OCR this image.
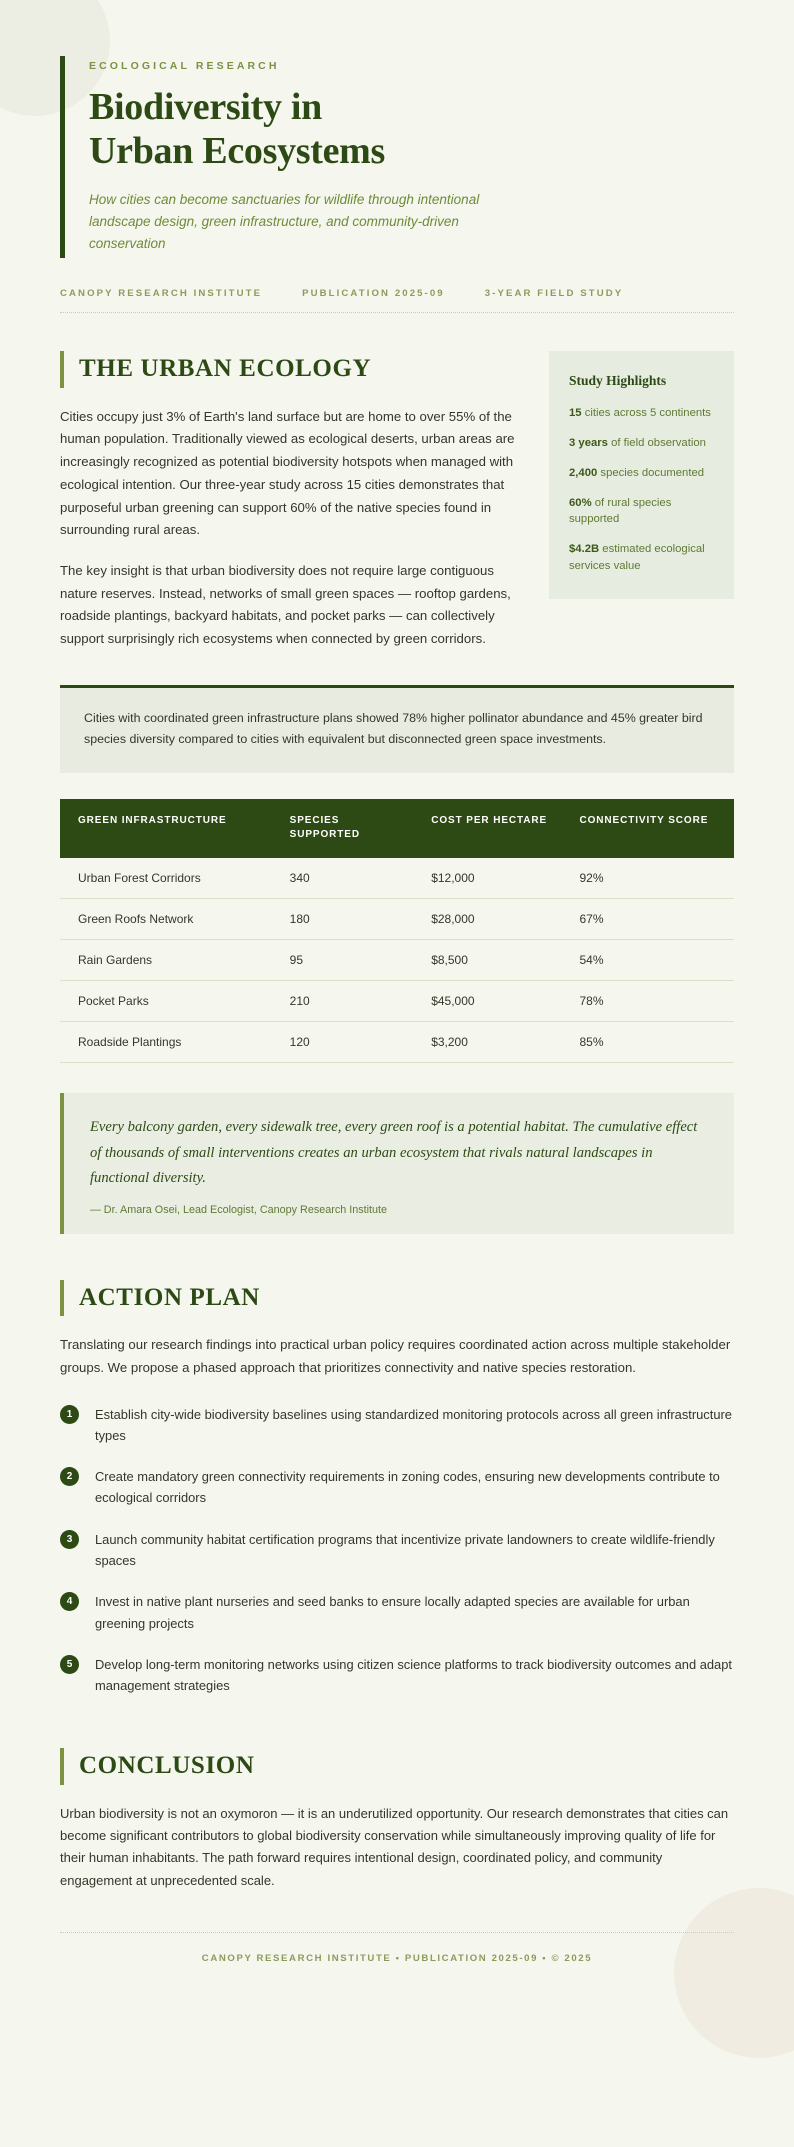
ECOLOGICAL RESEARCH
Biodiversity in
Urban Ecosystems
How cities can become sanctuaries for wildlife through intentional landscape design, green infrastructure, and community-driven conservation
CANOPY RESEARCH INSTITUTE	PUBLICATION 2025-09	3-YEAR FIELD STUDY
THE URBAN ECOLOGY

Cities occupy just 3% of Earth's land surface but are home to over 55% of the human population. Traditionally viewed as ecological deserts, urban areas are increasingly recognized as potential biodiversity hotspots when managed with ecological intention. Our three-year study across 15 cities demonstrates that purposeful urban greening can support 60% of the native species found in surrounding rural areas.

The key insight is that urban biodiversity does not require large contiguous nature reserves. Instead, networks of small green spaces — rooftop gardens, roadside plantings, backyard habitats, and pocket parks — can collectively support surprisingly rich ecosystems when connected by green corridors.

Study Highlights
15 cities across 5 continents
3 years of field observation
2,400 species documented
60% of rural species supported
$4.2B estimated ecological services value

Cities with coordinated green infrastructure plans showed 78% higher pollinator abundance and 45% greater bird species diversity compared to cities with equivalent but disconnected green space investments.

GREEN INFRASTRUCTURE	SPECIES SUPPORTED	COST PER HECTARE	CONNECTIVITY SCORE
Urban Forest Corridors	340	$12,000	92%
Green Roofs Network	180	$28,000	67%
Rain Gardens	95	$8,500	54%
Pocket Parks	210	$45,000	78%
Roadside Plantings	120	$3,200	85%
Every balcony garden, every sidewalk tree, every green roof is a potential habitat. The cumulative effect of thousands of small interventions creates an urban ecosystem that rivals natural landscapes in functional diversity.
— Dr. Amara Osei, Lead Ecologist, Canopy Research Institute
ACTION PLAN

Translating our research findings into practical urban policy requires coordinated action across multiple stakeholder groups. We propose a phased approach that prioritizes connectivity and native species restoration.

1	Establish city-wide biodiversity baselines using standardized monitoring protocols across all green infrastructure types
2	Create mandatory green connectivity requirements in zoning codes, ensuring new developments contribute to ecological corridors
3	Launch community habitat certification programs that incentivize private landowners to create wildlife-friendly spaces
4	Invest in native plant nurseries and seed banks to ensure locally adapted species are available for urban greening projects
5	Develop long-term monitoring networks using citizen science platforms to track biodiversity outcomes and adapt management strategies
CONCLUSION

Urban biodiversity is not an oxymoron — it is an underutilized opportunity. Our research demonstrates that cities can become significant contributors to global biodiversity conservation while simultaneously improving quality of life for their human inhabitants. The path forward requires intentional design, coordinated policy, and community engagement at unprecedented scale.

CANOPY RESEARCH INSTITUTE • PUBLICATION 2025-09 • © 2025
